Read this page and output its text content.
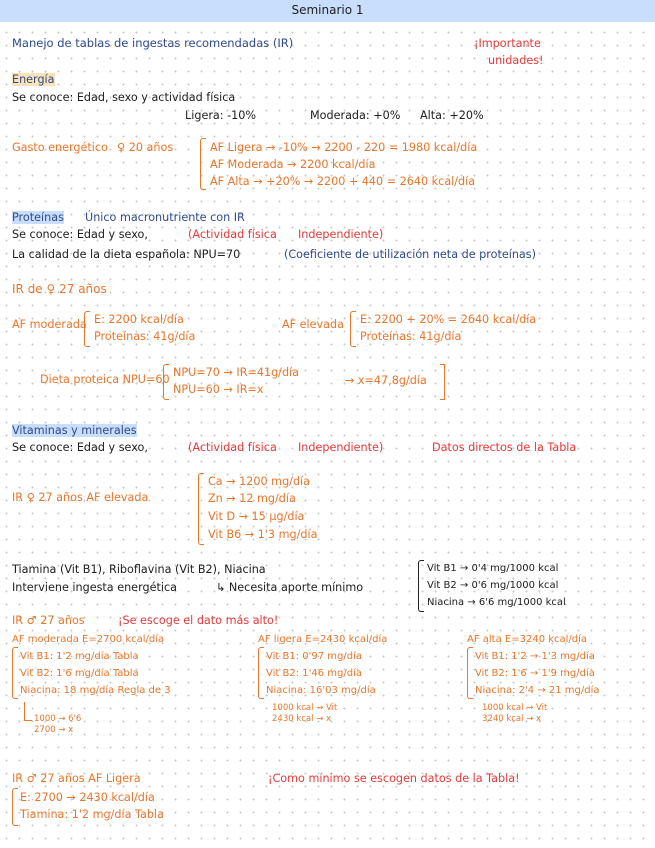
Seminario 1
Manejo de tablas de ingestas recomendadas (IR)	¡Importante
unidades!
Energía
Se conoce: Edad, sexo y actividad física
Ligera: -10%	Moderada: +0% Alta: +20%
Gasto energético ♀ 20 años	AF Ligera → -10% → 2200 - 220 = 1980 kcal/día
AF Moderada → 2200 kcal/día
AF Alta → +20% → 2200 + 440 = 2640 kcal/día
Proteínas Único macronutriente con IR
Se conoce: Edad y sexo,	(Actividad física Independiente)
La calidad de la dieta española: NPU=70	(Coeficiente de utilización neta de proteínas)
IR de ♀ 27 años
AF moderada E: 2200 kcal/día
Proteínas: 41g/día
AF elevada E: 2200 + 20% = 2640 kcal/día
Proteínas: 41g/día
Dieta proteica NPU=60
NPU=70 → IR=41g/día
NPU=60 → IR=x
→ x=47,8g/día
Vitaminas y minerales
Se conoce: Edad y sexo,	(Actividad física Independiente)	Datos directos de la Tabla
IR ♀ 27 años AF elevada
Ca → 1200 mg/día
Zn → 12 mg/día
Vit D → 15 µg/día
Vit B6 → 1'3 mg/día
Tiamina (Vit B1), Riboflavina (Vit B2), Niacina
Interviene ingesta energética	↳ Necesita aporte mínimo
Vit B1 → 0'4 mg/1000 kcal
Vit B2 → 0'6 mg/1000 kcal
Niacina → 6'6 mg/1000 kcal
IR ♂ 27 años	¡Se escoge el dato más alto!
AF moderada E=2700 kcal/día
Vit B1: 1'2 mg/día Tabla
Vit B2: 1'6 mg/día Tabla
Niacina: 18 mg/día Regla de 3
1000 → 6'6
2700 → x
AF ligera E=2430 kcal/día
Vit B1: 0'97 mg/día
Vit B2: 1'46 mg/día
Niacina: 16'03 mg/día
1000 kcal → Vit
2430 kcal → x
AF alta E=3240 kcal/día
Vit B1: 1'2 → 1'3 mg/día
Vit B2: 1'6 → 1'9 mg/día
Niacina: 2'4 → 21 mg/día
1000 kcal → Vit
3240 kcal → x
IR ♂ 27 años AF Ligera	¡Como mínimo se escogen datos de la Tabla!
E: 2700 → 2430 kcal/día
Tiamina: 1'2 mg/día Tabla
